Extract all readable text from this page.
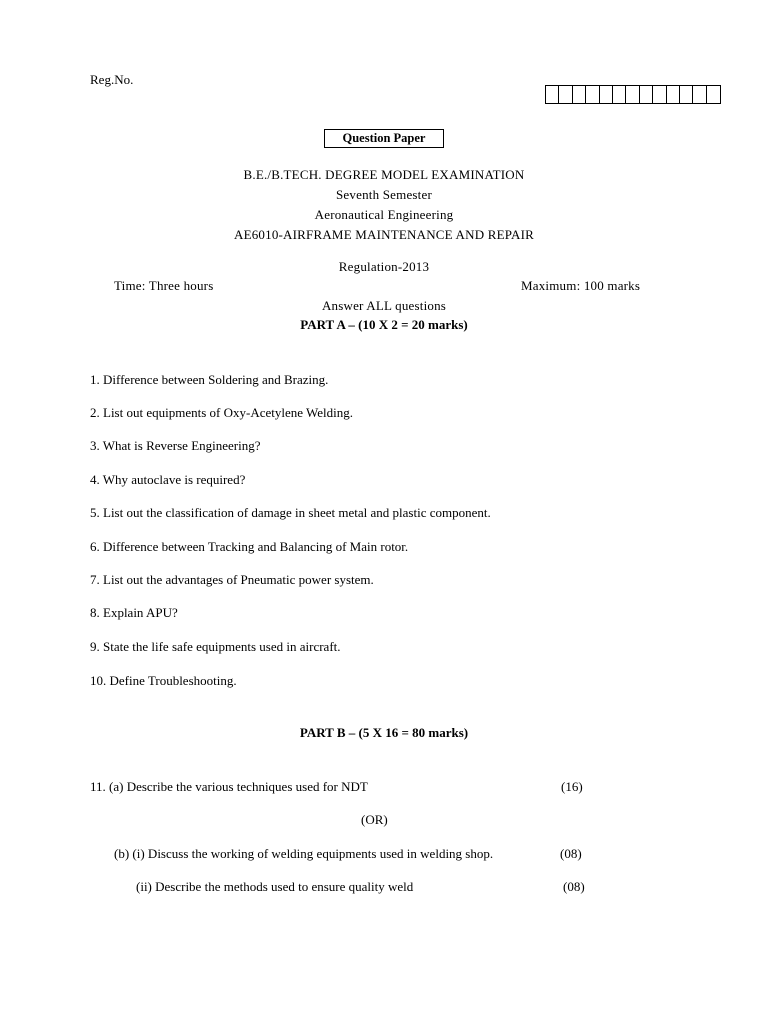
Reg.No.
Question Paper
B.E./B.TECH. DEGREE MODEL EXAMINATION
Seventh Semester
Aeronautical Engineering
AE6010-AIRFRAME MAINTENANCE AND REPAIR
Regulation-2013
Time: Three hours	Maximum: 100 marks
Answer ALL questions
PART A – (10 X 2 = 20 marks)
1. Difference between Soldering and Brazing.
2. List out equipments of Oxy-Acetylene Welding.
3. What is Reverse Engineering?
4. Why autoclave is required?
5. List out the classification of damage in sheet metal and plastic component.
6. Difference between Tracking and Balancing of Main rotor.
7. List out the advantages of Pneumatic power system.
8. Explain APU?
9. State the life safe equipments used in aircraft.
10. Define Troubleshooting.
PART B – (5 X 16 = 80 marks)
11. (a) Describe the various techniques used for NDT	(16)
(OR)
(b) (i) Discuss the working of welding equipments used in welding shop.	(08)
(ii) Describe the methods used to ensure quality weld	(08)
